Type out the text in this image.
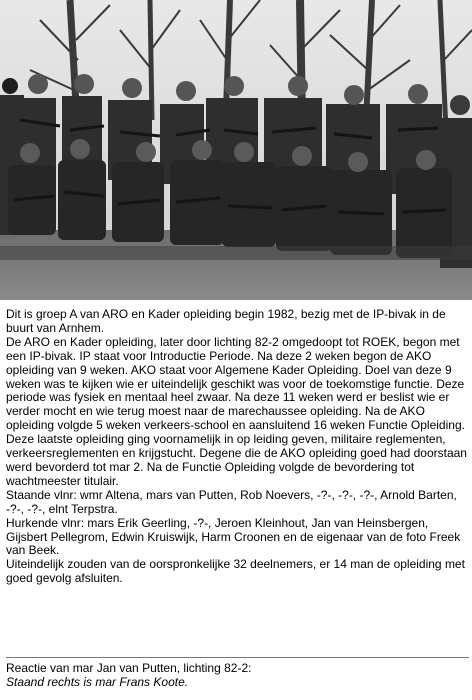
Dit is groep A van ARO en Kader opleiding begin 1982, bezig met de IP-bivak in de buurt van Arnhem.

De ARO en Kader opleiding, later door lichting 82-2 omgedoopt tot ROEK, begon met een IP-bivak. IP staat voor Introductie Periode. Na deze 2 weken begon de AKO opleiding van 9 weken. AKO staat voor Algemene Kader Opleiding. Doel van deze 9 weken was te kijken wie er uiteindelijk geschikt was voor de toekomstige functie. Deze periode was fysiek en mentaal heel zwaar. Na deze 11 weken werd er beslist wie er verder mocht en wie terug moest naar de marechaussee opleiding. Na de AKO opleiding volgde 5 weken verkeers-school en aansluitend 16 weken Functie Opleiding. Deze laatste opleiding ging voornamelijk in op leiding geven, militaire reglementen, verkeersreglementen en krijgstucht. Degene die de AKO opleiding goed had doorstaan werd bevorderd tot mar 2. Na de Functie Opleiding volgde de bevordering tot wachtmeester titulair.

Staande vlnr: wmr Altena, mars van Putten, Rob Noevers, -?-, -?-, -?-, Arnold Barten, -?-, -?-, elnt Terpstra.

Hurkende vlnr: mars Erik Geerling, -?-, Jeroen Kleinhout, Jan van Heinsbergen, Gijsbert Pellegrom, Edwin Kruiswijk, Harm Croonen en de eigenaar van de foto Freek van Beek.

Uiteindelijk zouden van de oorspronkelijke 32 deelnemers, er 14 man de opleiding met goed gevolg afsluiten.

Reactie van mar Jan van Putten, lichting 82-2:

Staand rechts is mar Frans Koote.
